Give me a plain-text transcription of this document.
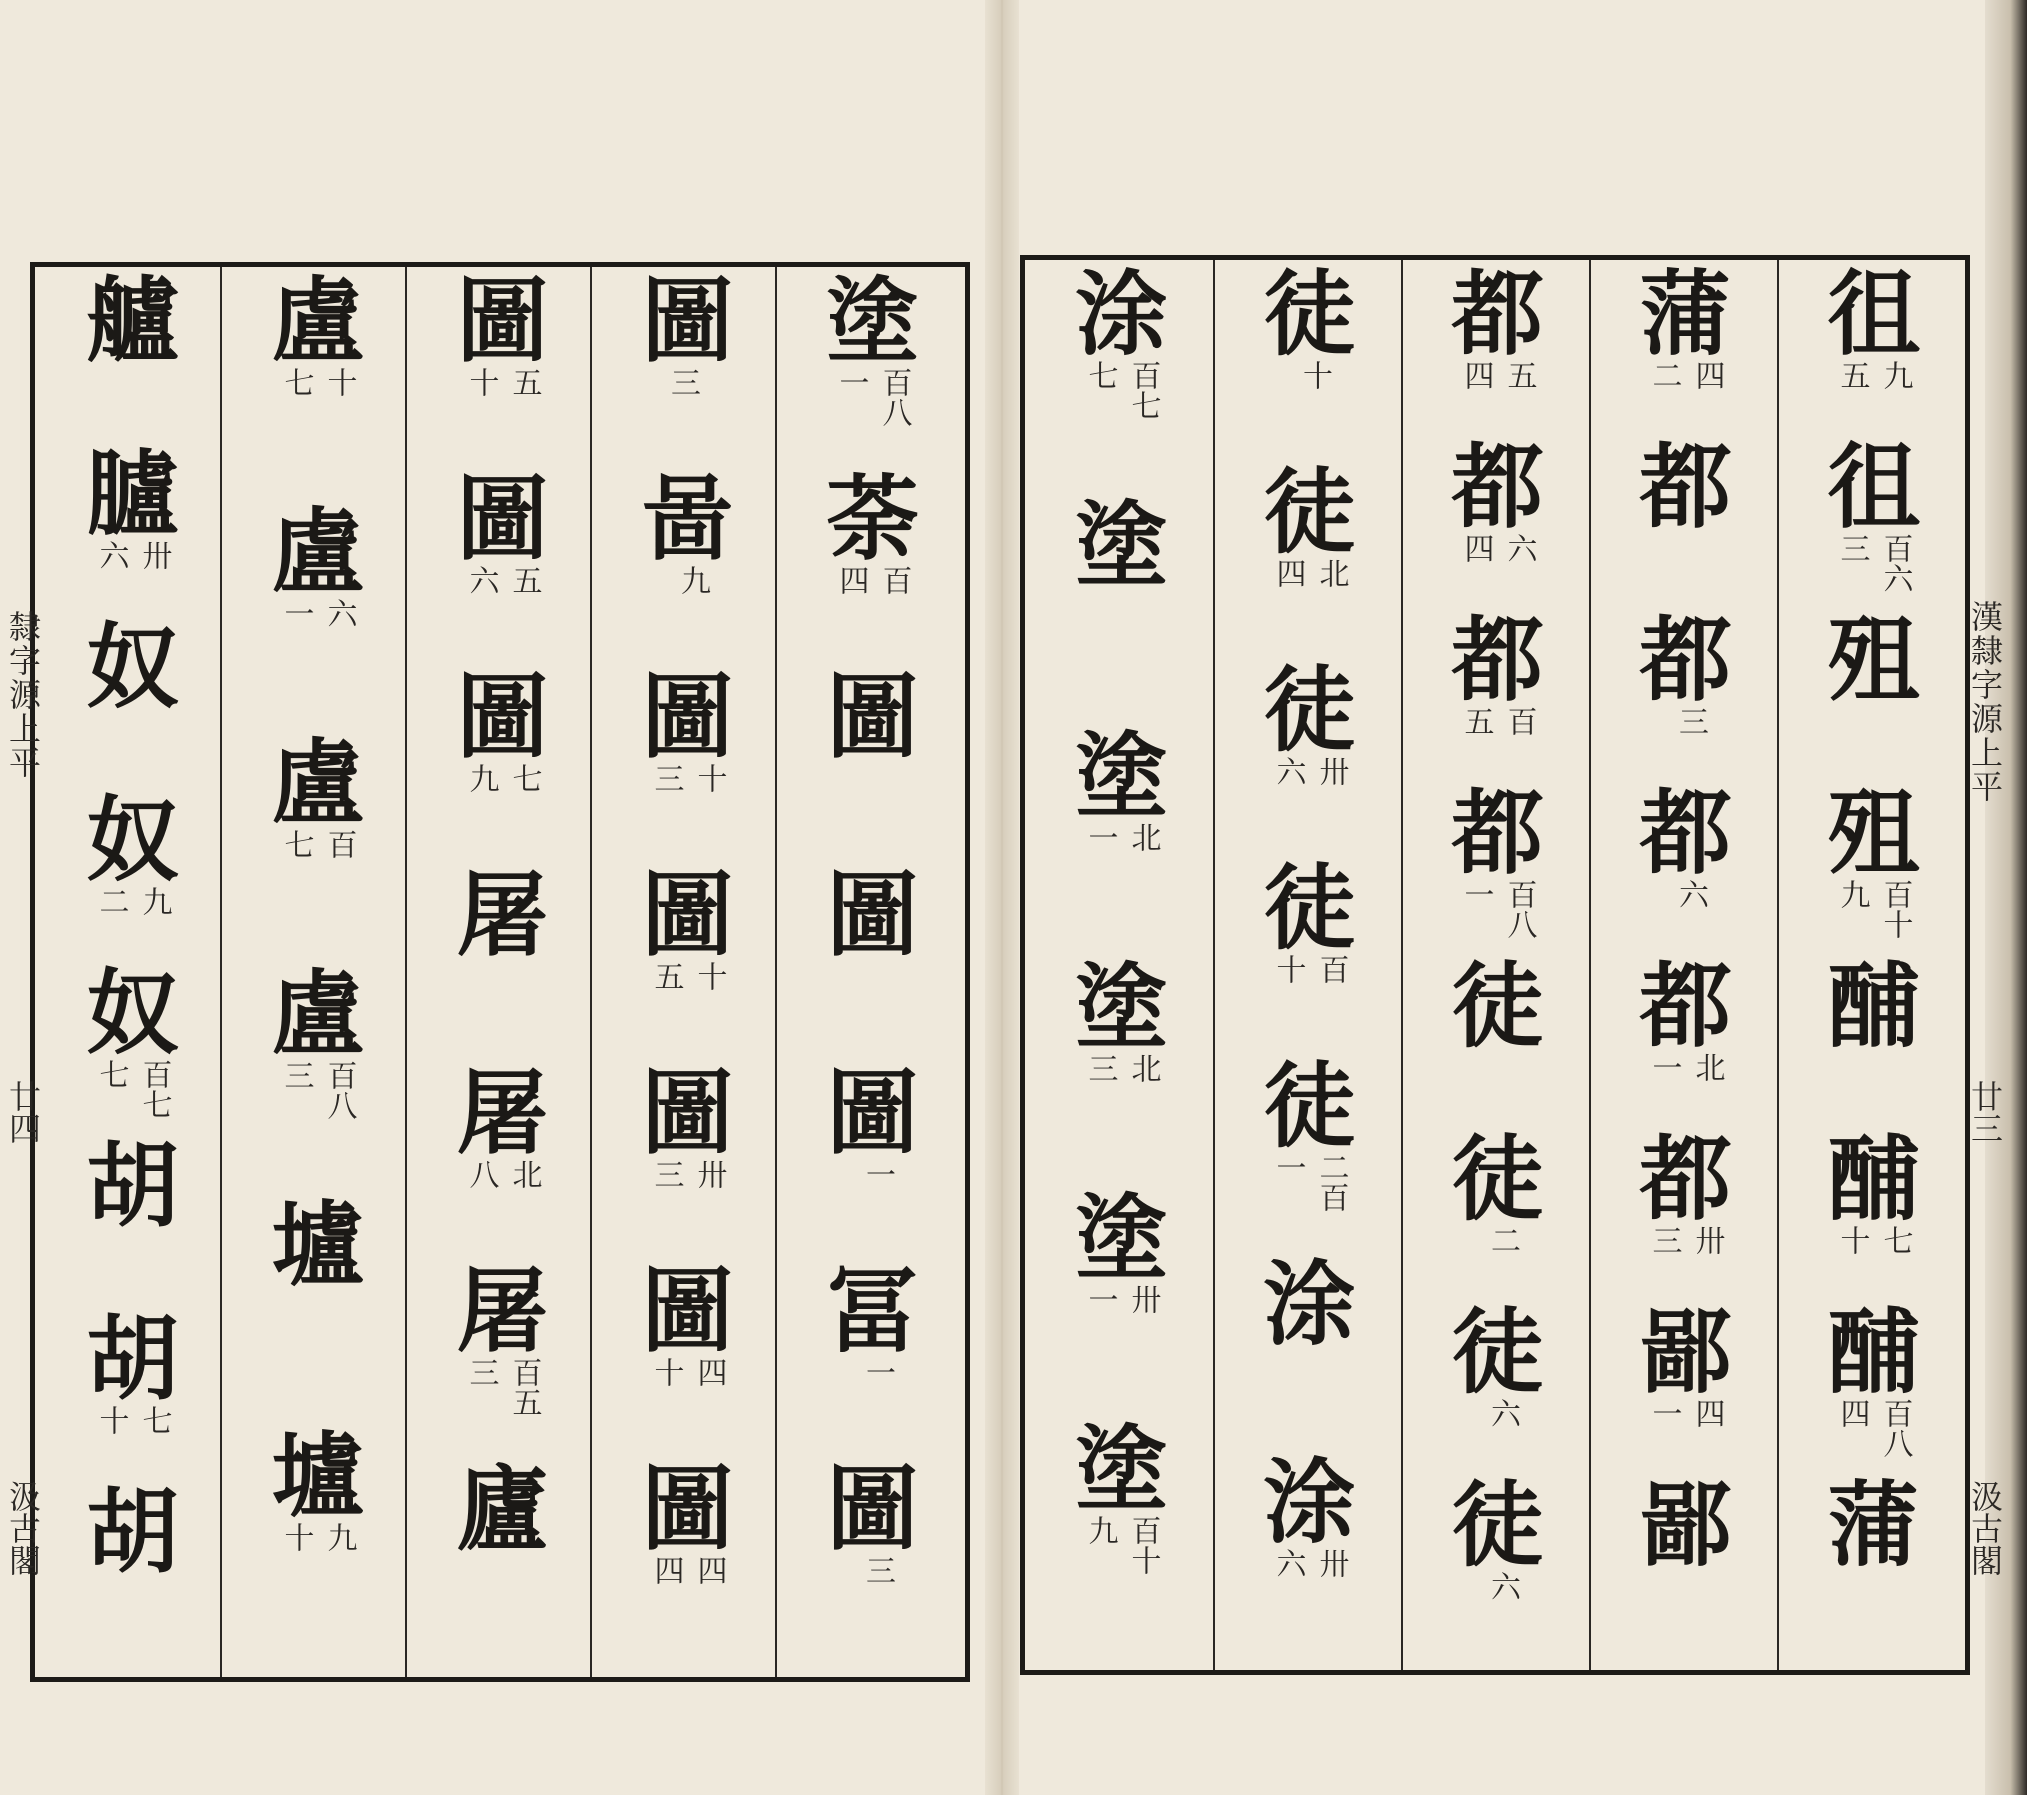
塗
百八
一
荼
百
四
圖
圖
圖
一
冨
一
圖
三
圖
三
啚
九
圖
十
三
圖
十
五
圖
卅
三
圖
四
十
圖
四
四
圖
五
十
圖
五
六
圖
七
九
屠
屠
北
八
屠
百五
三
廬
盧
十
七
盧
六
一
盧
百
七
盧
百八
三
壚
壚
九
十
艫
臚
卅
六
奴
奴
九
二
奴
百七
七
胡
胡
七
十
胡
隸字源上平
廿四
汲古閣
徂
九
五
徂
百六
三
殂
殂
百十
九
酺
酺
七
十
酺
百八
四
蒲
蒲
四
二
都
都
三
都
六
都
北
一
都
卅
三
鄙
四
一
鄙
都
五
四
都
六
四
都
百
五
都
百八
一
徒
徒
二
徒
六
徒
六
徒
十
徒
北
四
徒
卅
六
徒
百
十
徒
二百
一
涂
涂
卅
六
涂
百七
七
塗
塗
北
一
塗
北
三
塗
卅
一
塗
百十
九
漢隸字源上平
廿三
汲古閣
